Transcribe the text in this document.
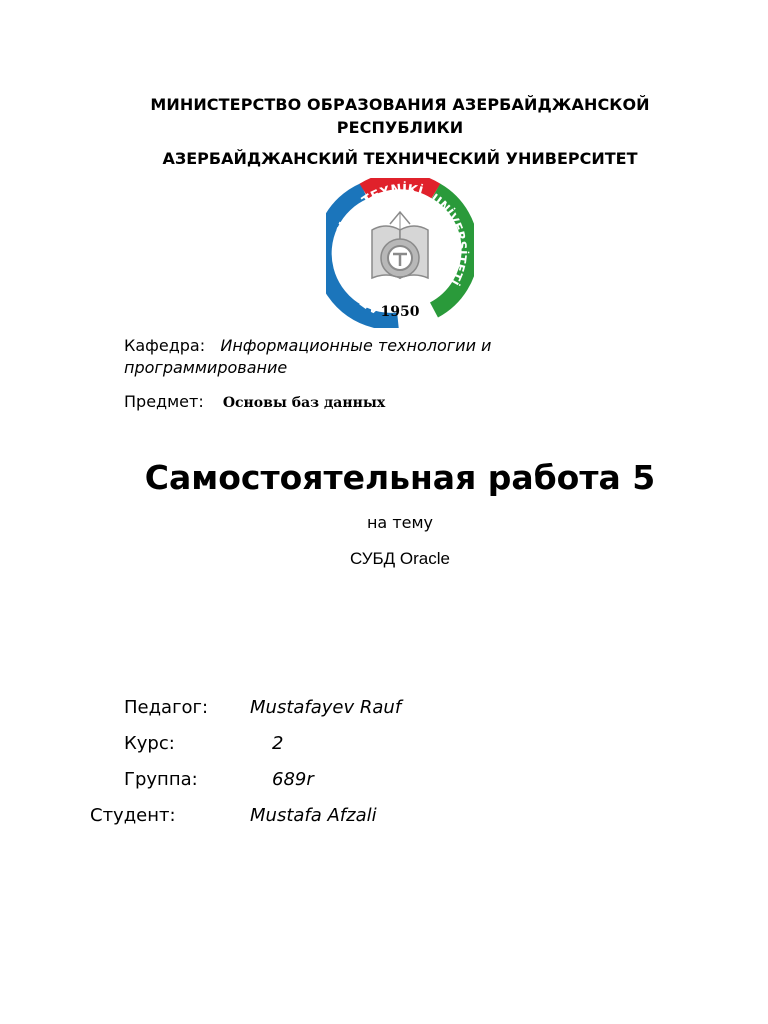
МИНИСТЕРСТВО ОБРАЗОВАНИЯ АЗЕРБАЙДЖАНСКОЙ РЕСПУБЛИКИ
АЗЕРБАЙДЖАНСКИЙ ТЕХНИЧЕСКИЙ УНИВЕРСИТЕТ
AZƏRBAYCAN
TEXNİKİ UNİVERSİTETİ
1950
Кафедра: Информационные технологии и программирование
Предмет: Основы баз данных
Самостоятельная работа 5
на тему
СУБД Oracle
Педагог: Mustafayev Rauf
Курс:	2
Группа:	689r
Студент:	Mustafa Afzali
